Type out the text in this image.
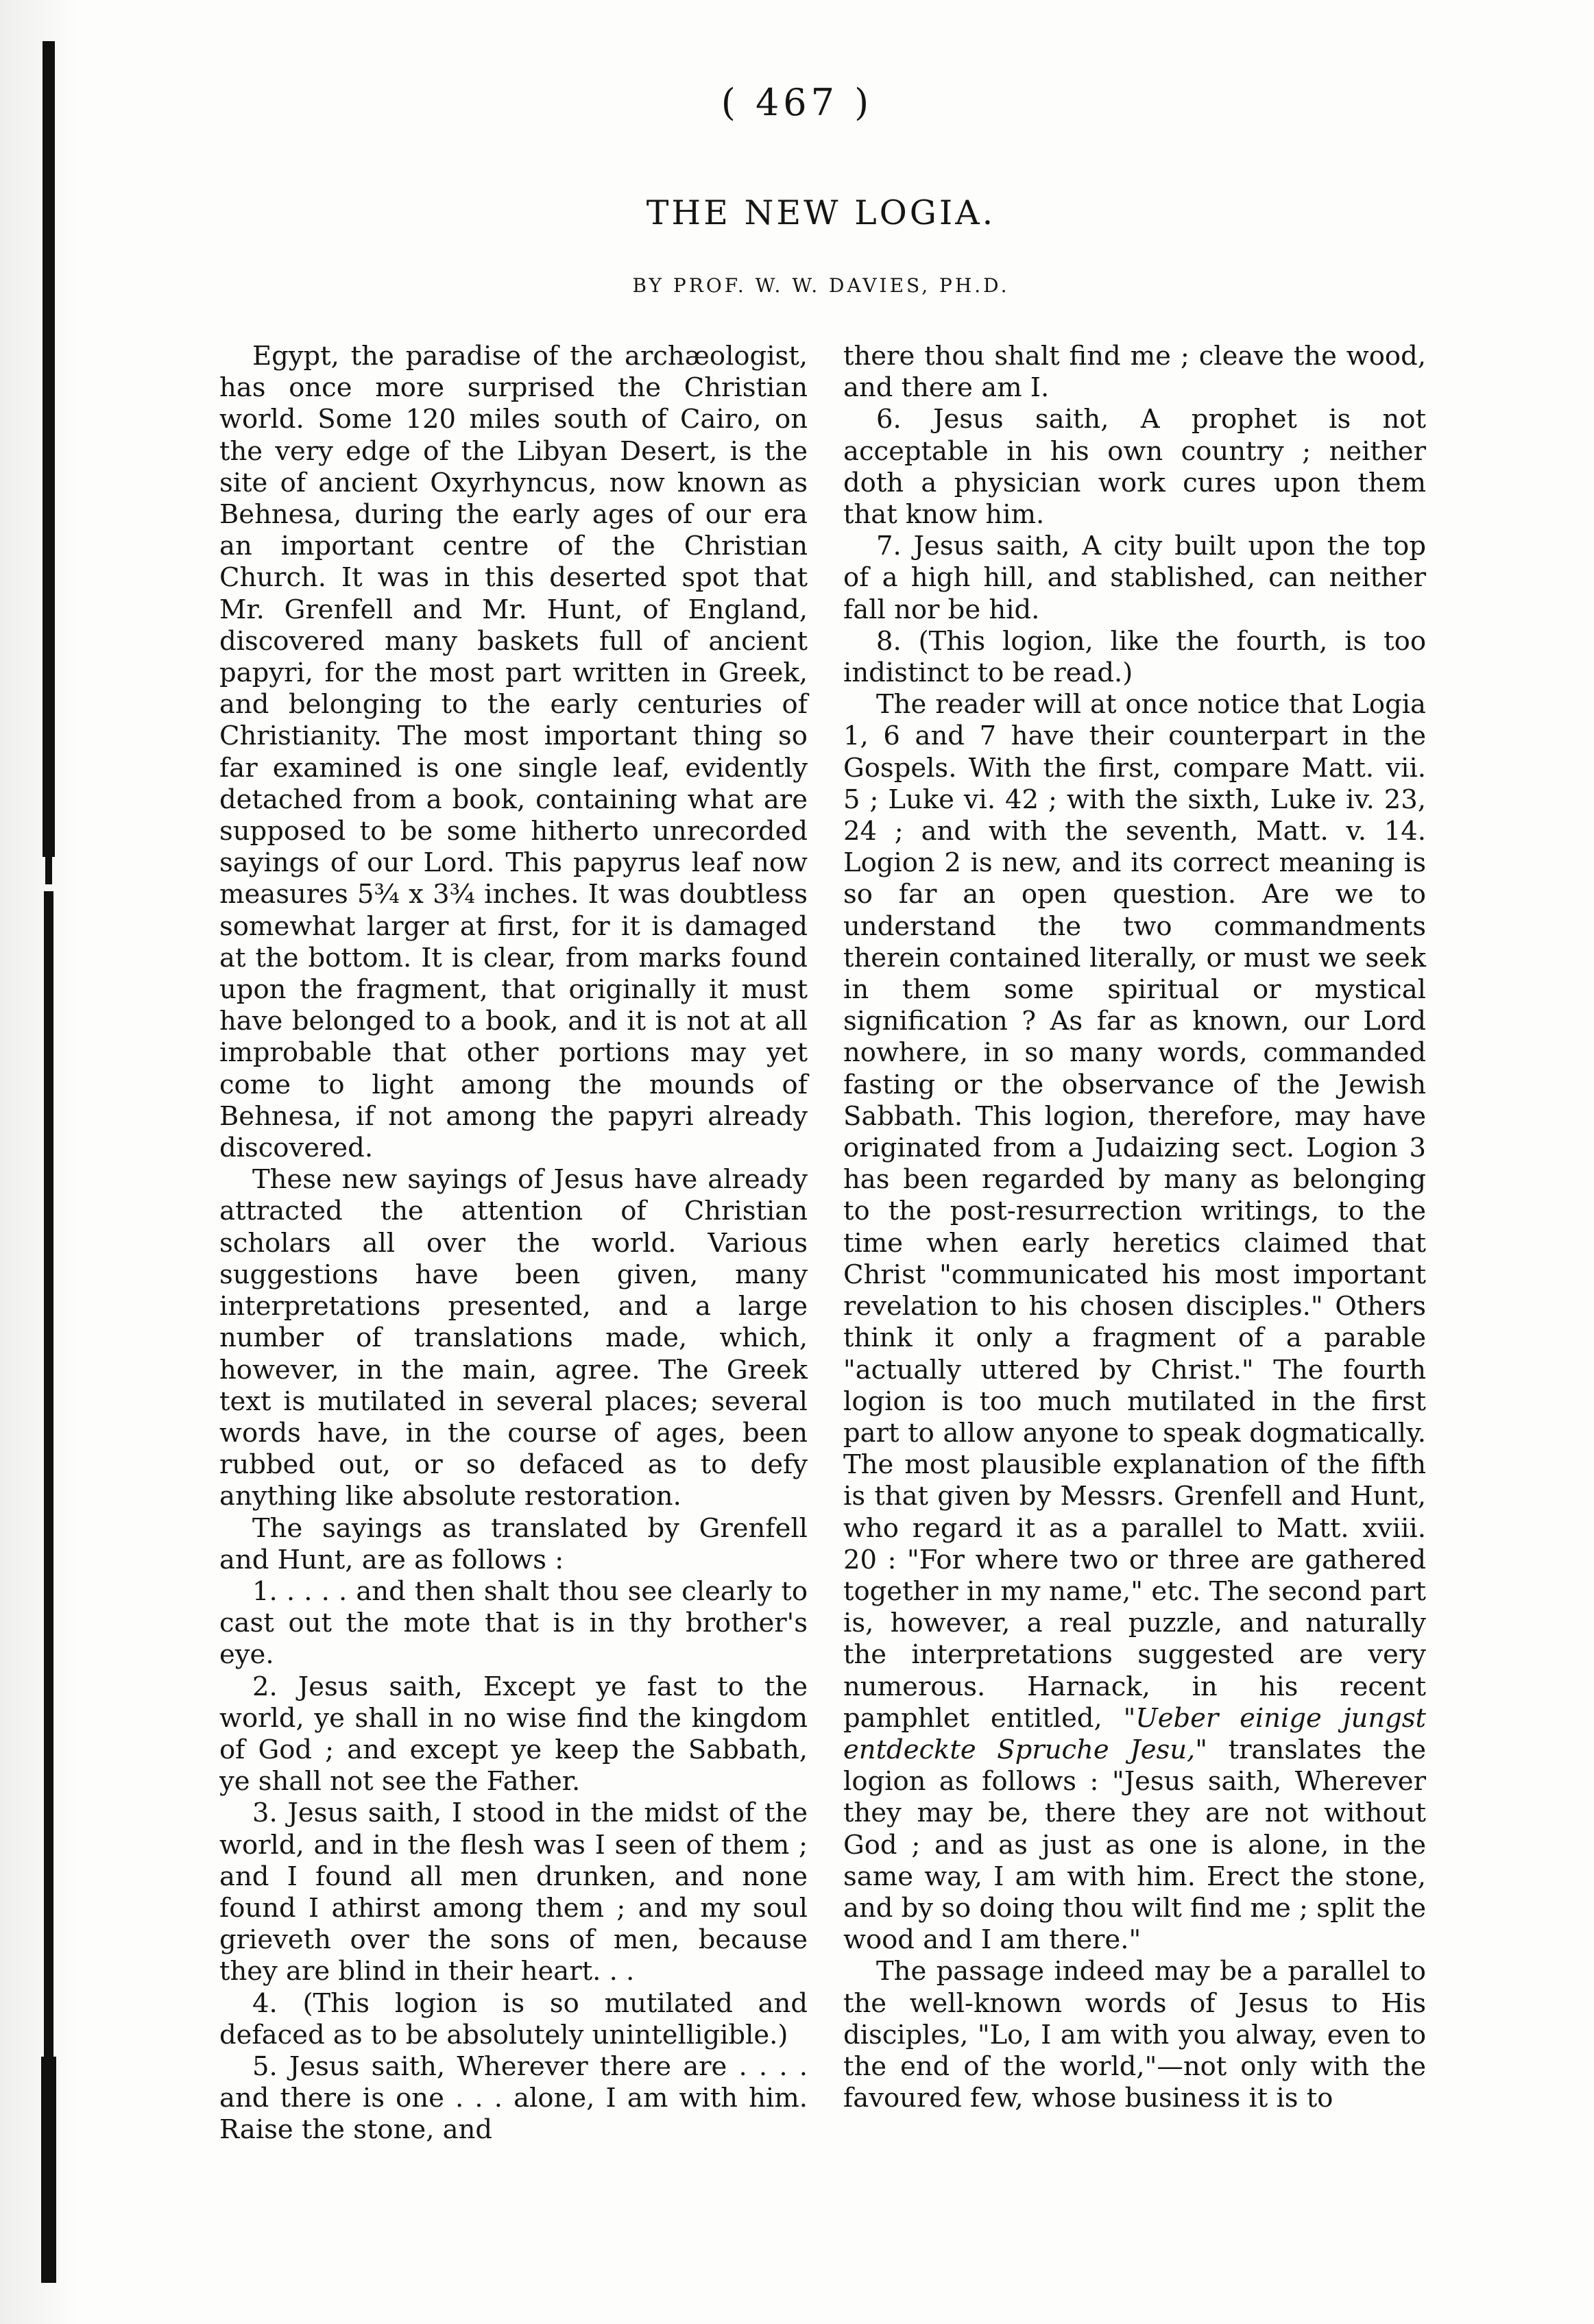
( 467 )
THE NEW LOGIA.
BY PROF. W. W. DAVIES, PH.D.

Egypt, the paradise of the archæologist, has once more surprised the Christian world. Some 120 miles south of Cairo, on the very edge of the Libyan Desert, is the site of ancient Oxyrhyncus, now known as Behnesa, during the early ages of our era an important centre of the Christian Church. It was in this deserted spot that Mr. Grenfell and Mr. Hunt, of England, discovered many baskets full of ancient papyri, for the most part written in Greek, and belonging to the early centuries of Christianity. The most important thing so far examined is one single leaf, evidently detached from a book, containing what are supposed to be some hitherto unrecorded sayings of our Lord. This papyrus leaf now measures 5¾ x 3¾ inches. It was doubtless somewhat larger at first, for it is damaged at the bottom. It is clear, from marks found upon the fragment, that originally it must have belonged to a book, and it is not at all improbable that other portions may yet come to light among the mounds of Behnesa, if not among the papyri already discovered.

These new sayings of Jesus have already attracted the attention of Christian scholars all over the world. Various suggestions have been given, many interpretations presented, and a large number of translations made, which, however, in the main, agree. The Greek text is mutilated in several places; several words have, in the course of ages, been rubbed out, or so defaced as to defy anything like absolute restoration.

The sayings as translated by Grenfell and Hunt, are as follows :

1. . . . . and then shalt thou see clearly to cast out the mote that is in thy brother's eye.

2. Jesus saith, Except ye fast to the world, ye shall in no wise find the kingdom of God ; and except ye keep the Sabbath, ye shall not see the Father.

3. Jesus saith, I stood in the midst of the world, and in the flesh was I seen of them ; and I found all men drunken, and none found I athirst among them ; and my soul grieveth over the sons of men, because they are blind in their heart. . .

4. (This logion is so mutilated and defaced as to be absolutely unintelligible.)

5. Jesus saith, Wherever there are . . . . and there is one . . . alone, I am with him. Raise the stone, and

there thou shalt find me ; cleave the wood, and there am I.

6. Jesus saith, A prophet is not acceptable in his own country ; neither doth a physician work cures upon them that know him.

7. Jesus saith, A city built upon the top of a high hill, and stablished, can neither fall nor be hid.

8. (This logion, like the fourth, is too indistinct to be read.)

The reader will at once notice that Logia 1, 6 and 7 have their counterpart in the Gospels. With the first, compare Matt. vii. 5 ; Luke vi. 42 ; with the sixth, Luke iv. 23, 24 ; and with the seventh, Matt. v. 14. Logion 2 is new, and its correct meaning is so far an open question. Are we to understand the two commandments therein contained literally, or must we seek in them some spiritual or mystical signification ? As far as known, our Lord nowhere, in so many words, commanded fasting or the observance of the Jewish Sabbath. This logion, therefore, may have originated from a Judaizing sect. Logion 3 has been regarded by many as belonging to the post-resurrection writings, to the time when early heretics claimed that Christ "communicated his most important revelation to his chosen disciples." Others think it only a fragment of a parable "actually uttered by Christ." The fourth logion is too much mutilated in the first part to allow anyone to speak dogmatically. The most plausible explanation of the fifth is that given by Messrs. Grenfell and Hunt, who regard it as a parallel to Matt. xviii. 20 : "For where two or three are gathered together in my name," etc. The second part is, however, a real puzzle, and naturally the interpretations suggested are very numerous. Harnack, in his recent pamphlet entitled, "Ueber einige jungst entdeckte Spruche Jesu," translates the logion as follows : "Jesus saith, Wherever they may be, there they are not without God ; and as just as one is alone, in the same way, I am with him. Erect the stone, and by so doing thou wilt find me ; split the wood and I am there."

The passage indeed may be a parallel to the well-known words of Jesus to His disciples, "Lo, I am with you alway, even to the end of the world,"—not only with the favoured few, whose business it is to
